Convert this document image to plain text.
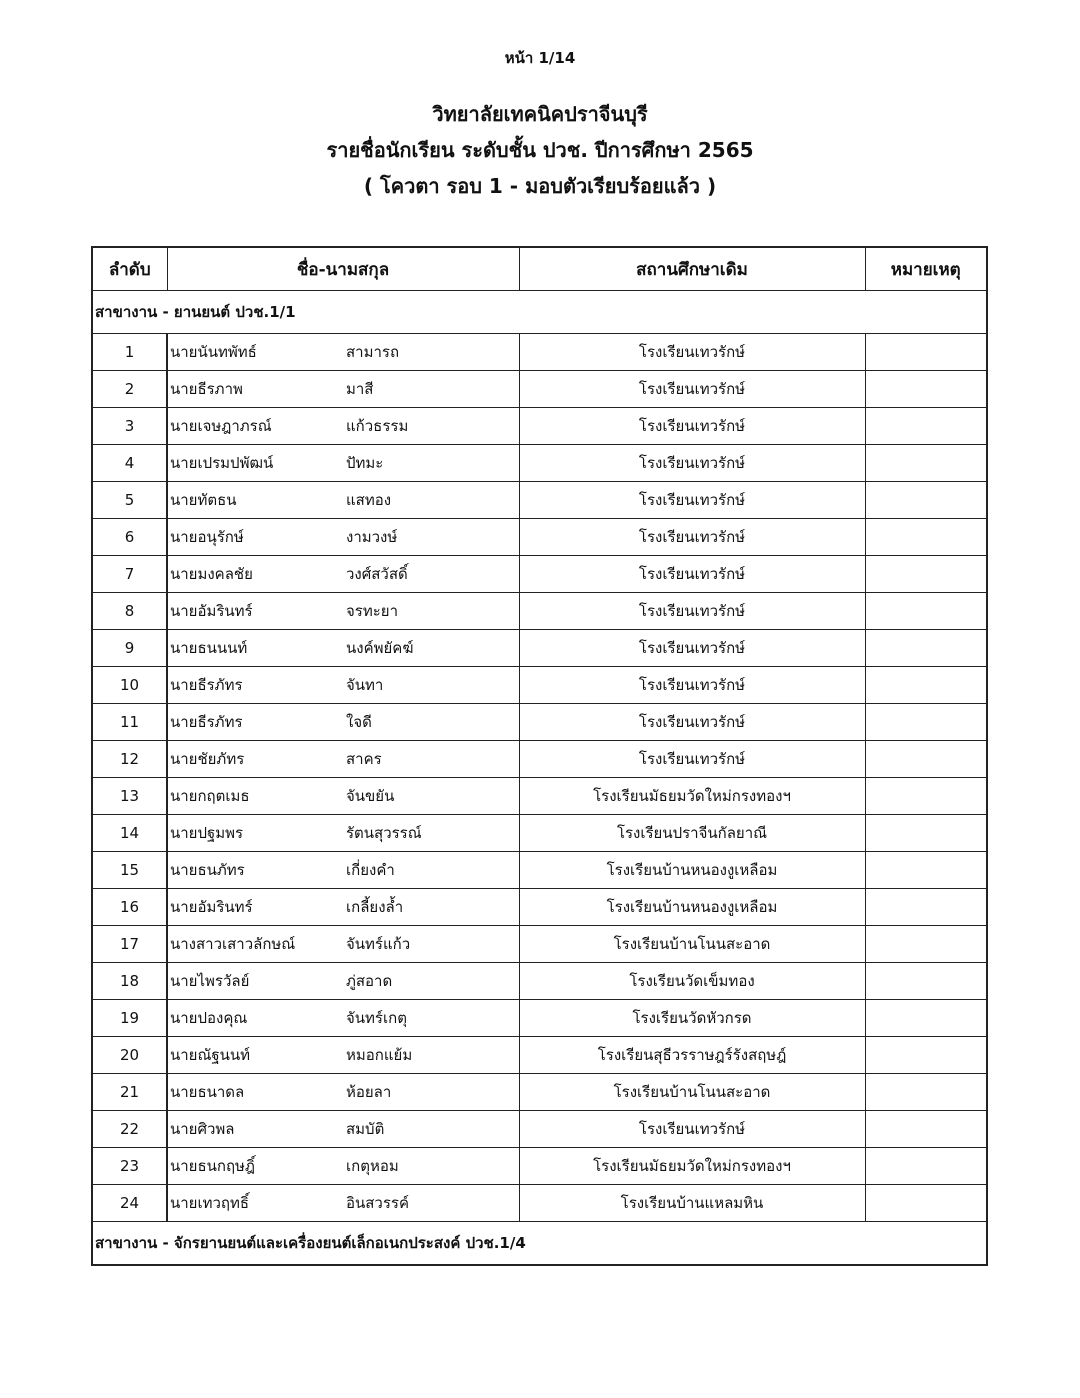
หน้า 1/14
วิทยาลัยเทคนิคปราจีนบุรี
รายชื่อนักเรียน ระดับชั้น ปวช. ปีการศึกษา 2565
( โควตา รอบ 1 - มอบตัวเรียบร้อยแล้ว )
ลำดับ	ชื่อ-นามสกุล	สถานศึกษาเดิม	หมายเหตุ
สาขางาน - ยานยนต์ ปวช.1/1			
1	นายนันทพัทธ์ สามารถ	โรงเรียนเทวรักษ์	
2	นายธีรภาพ มาสี	โรงเรียนเทวรักษ์	
3	นายเจษฎาภรณ์ แก้วธรรม	โรงเรียนเทวรักษ์	
4	นายเปรมปพัฒน์ ปัทมะ	โรงเรียนเทวรักษ์	
5	นายทัตธน แสทอง	โรงเรียนเทวรักษ์	
6	นายอนุรักษ์ งามวงษ์	โรงเรียนเทวรักษ์	
7	นายมงคลชัย วงศ์สวัสดิ์	โรงเรียนเทวรักษ์	
8	นายอัมรินทร์ จรทะยา	โรงเรียนเทวรักษ์	
9	นายธนนนท์ นงค์พยัคฆ์	โรงเรียนเทวรักษ์	
10	นายธีรภัทร จันทา	โรงเรียนเทวรักษ์	
11	นายธีรภัทร ใจดี	โรงเรียนเทวรักษ์	
12	นายชัยภัทร สาคร	โรงเรียนเทวรักษ์	
13	นายกฤตเมธ จันขยัน	โรงเรียนมัธยมวัดใหม่กรงทองฯ	
14	นายปฐมพร รัตนสุวรรณ์	โรงเรียนปราจีนกัลยาณี	
15	นายธนภัทร เกี่ยงคำ	โรงเรียนบ้านหนองงูเหลือม	
16	นายอัมรินทร์ เกลี้ยงล้ำ	โรงเรียนบ้านหนองงูเหลือม	
17	นางสาวเสาวลักษณ์ จันทร์แก้ว	โรงเรียนบ้านโนนสะอาด	
18	นายไพรวัลย์ ภู่สอาด	โรงเรียนวัดเข็มทอง	
19	นายปองคุณ จันทร์เกตุ	โรงเรียนวัดหัวกรด	
20	นายณัฐนนท์ หมอกแย้ม	โรงเรียนสุธีวรราษฎร์รังสฤษฎ์	
21	นายธนาดล ห้อยลา	โรงเรียนบ้านโนนสะอาด	
22	นายศิวพล สมบัติ	โรงเรียนเทวรักษ์	
23	นายธนกฤษฎิ์ เกตุหอม	โรงเรียนมัธยมวัดใหม่กรงทองฯ	
24	นายเทวฤทธิ์ อินสวรรค์	โรงเรียนบ้านแหลมหิน	
สาขางาน - จักรยานยนต์และเครื่องยนต์เล็กอเนกประสงค์ ปวช.1/4			
